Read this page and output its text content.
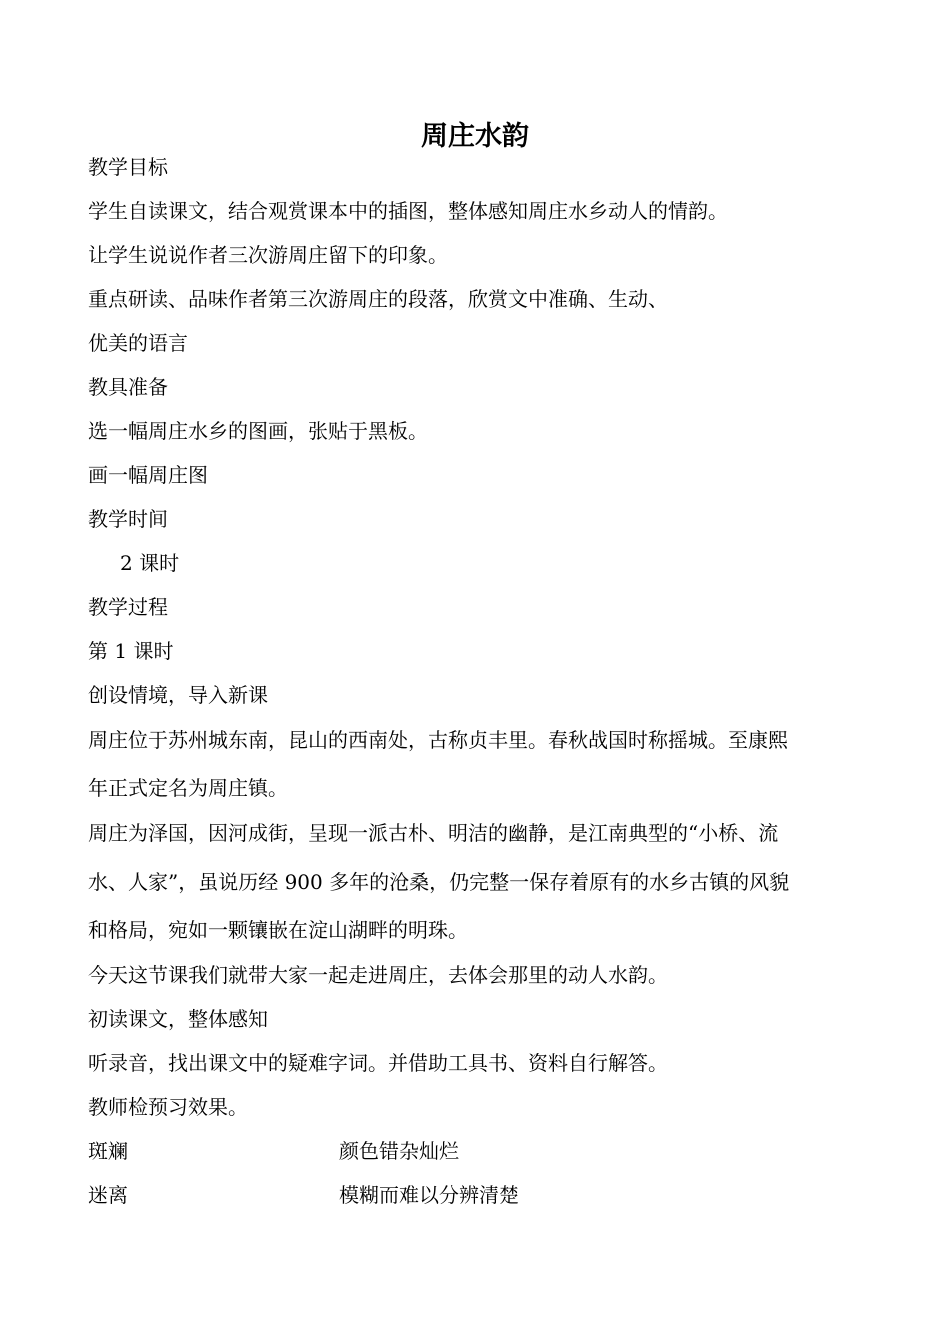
周庄水韵
教学目标
学生自读课文，结合观赏课本中的插图，整体感知周庄水乡动人的情韵。
让学生说说作者三次游周庄留下的印象。
重点研读、品味作者第三次游周庄的段落，欣赏文中准确、生动、
优美的语言
教具准备
选一幅周庄水乡的图画，张贴于黑板。
画一幅周庄图
教学时间
2 课时
教学过程
第 1 课时
创设情境，导入新课
周庄位于苏州城东南，昆山的西南处，古称贞丰里。春秋战国时称摇城。至康熙
年正式定名为周庄镇。
周庄为泽国，因河成街，呈现一派古朴、明洁的幽静，是江南典型的“小桥、流
水、人家”，虽说历经 900 多年的沧桑，仍完整一保存着原有的水乡古镇的风貌
和格局，宛如一颗镶嵌在淀山湖畔的明珠。
今天这节课我们就带大家一起走进周庄，去体会那里的动人水韵。
初读课文，整体感知
听录音，找出课文中的疑难字词。并借助工具书、资料自行解答。
教师检预习效果。
斑斓	颜色错杂灿烂
迷离	模糊而难以分辨清楚
